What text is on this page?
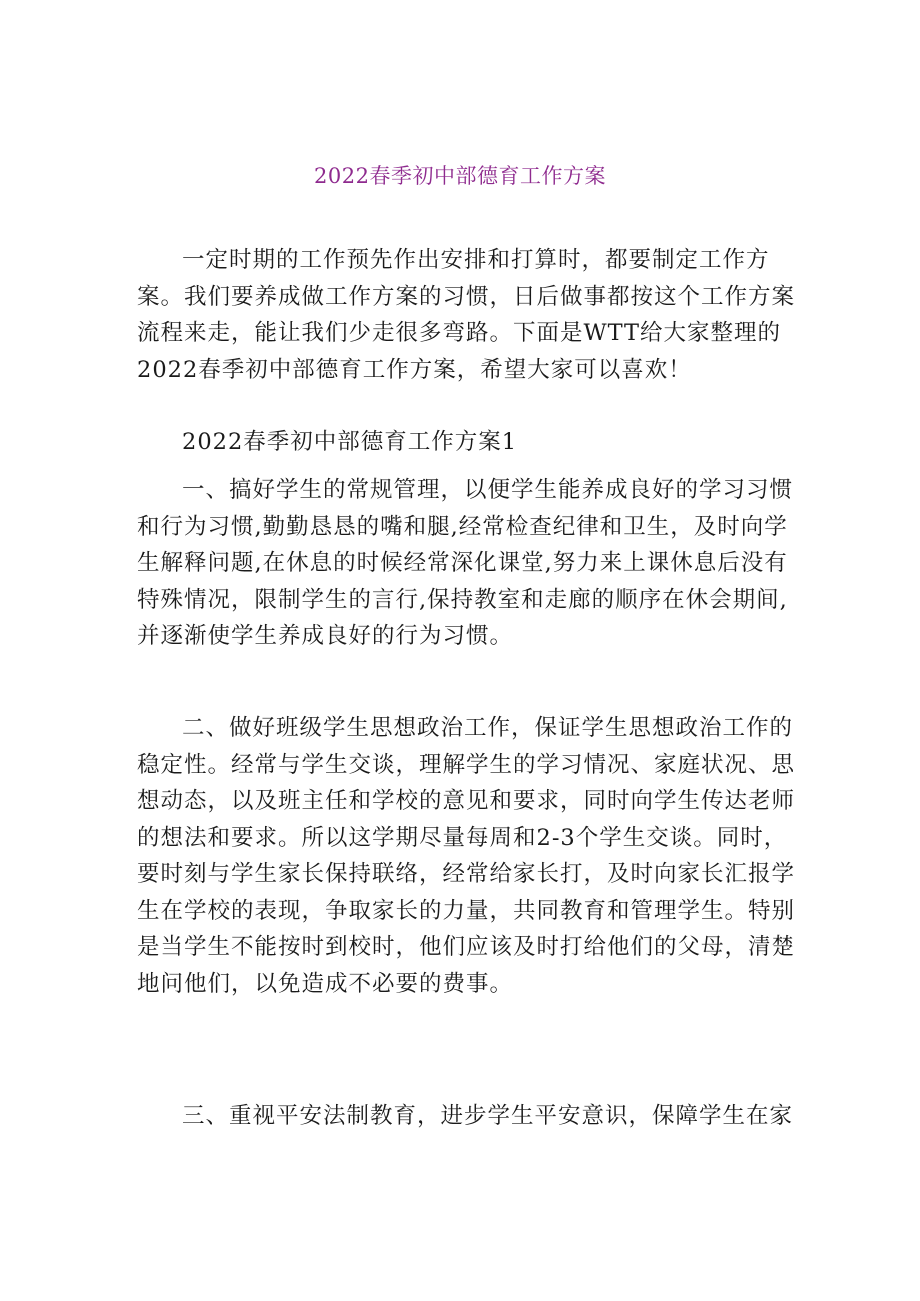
2022春季初中部德育工作方案
一定时期的工作预先作出安排和打算时，都要制定工作方
案。我们要养成做工作方案的习惯，日后做事都按这个工作方案
流程来走，能让我们少走很多弯路。下面是WTT给大家整理的
2022春季初中部德育工作方案，希望大家可以喜欢！
2022春季初中部德育工作方案1
一、搞好学生的常规管理，以便学生能养成良好的学习习惯
和行为习惯,勤勤恳恳的嘴和腿,经常检查纪律和卫生，及时向学
生解释问题,在休息的时候经常深化课堂,努力来上课休息后没有
特殊情况，限制学生的言行,保持教室和走廊的顺序在休会期间,
并逐渐使学生养成良好的行为习惯。
二、做好班级学生思想政治工作，保证学生思想政治工作的
稳定性。经常与学生交谈，理解学生的学习情况、家庭状况、思
想动态，以及班主任和学校的意见和要求，同时向学生传达老师
的想法和要求。所以这学期尽量每周和2-3个学生交谈。同时，
要时刻与学生家长保持联络，经常给家长打，及时向家长汇报学
生在学校的表现，争取家长的力量，共同教育和管理学生。特别
是当学生不能按时到校时，他们应该及时打给他们的父母，清楚
地问他们，以免造成不必要的费事。
三、重视平安法制教育，进步学生平安意识，保障学生在家
